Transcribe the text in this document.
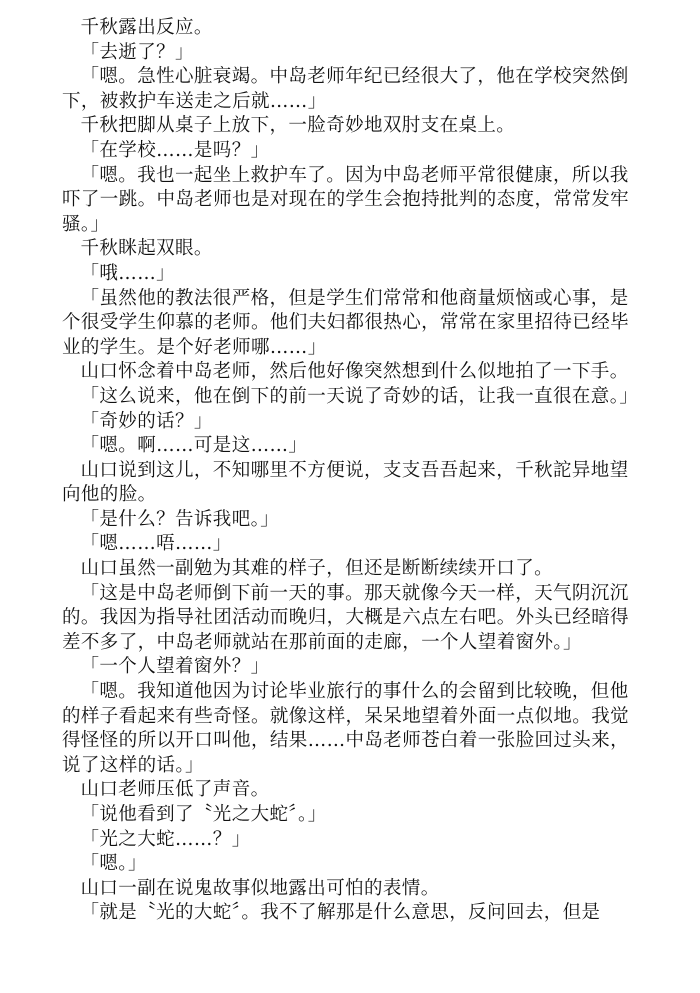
千秋露出反应。

「去逝了？」

「嗯。急性心脏衰竭。中岛老师年纪已经很大了，他在学校突然倒下，被救护车送走之后就……」

千秋把脚从桌子上放下，一脸奇妙地双肘支在桌上。

「在学校……是吗？」

「嗯。我也一起坐上救护车了。因为中岛老师平常很健康，所以我吓了一跳。中岛老师也是对现在的学生会抱持批判的态度，常常发牢骚。」

千秋眯起双眼。

「哦……」

「虽然他的教法很严格，但是学生们常常和他商量烦恼或心事，是个很受学生仰慕的老师。他们夫妇都很热心，常常在家里招待已经毕业的学生。是个好老师哪……」

山口怀念着中岛老师，然后他好像突然想到什么似地拍了一下手。

「这么说来，他在倒下的前一天说了奇妙的话，让我一直很在意。」

「奇妙的话？」

「嗯。啊……可是这……」

山口说到这儿，不知哪里不方便说，支支吾吾起来，千秋詑异地望向他的脸。

「是什么？告诉我吧。」

「嗯……唔……」

山口虽然一副勉为其难的样子，但还是断断续续开口了。

「这是中岛老师倒下前一天的事。那天就像今天一样，天气阴沉沉的。我因为指导社团活动而晚归，大概是六点左右吧。外头已经暗得差不多了，中岛老师就站在那前面的走廊，一个人望着窗外。」

「一个人望着窗外？」

「嗯。我知道他因为讨论毕业旅行的事什么的会留到比较晚，但他的样子看起来有些奇怪。就像这样，呆呆地望着外面一点似地。我觉得怪怪的所以开口叫他，结果……中岛老师苍白着一张脸回过头来，说了这样的话。」

山口老师压低了声音。

「说他看到了〝光之大蛇〞。」

「光之大蛇……？」

「嗯。」

山口一副在说鬼故事似地露出可怕的表情。

「就是〝光的大蛇〞。我不了解那是什么意思，反问回去，但是
